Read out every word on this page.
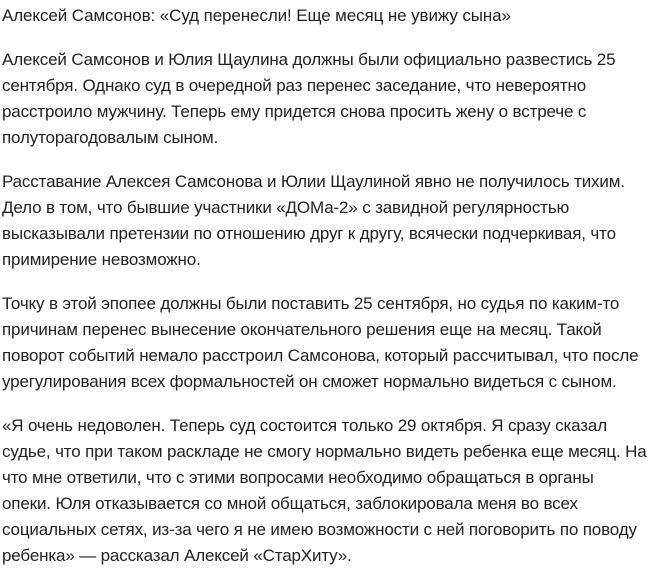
Алексей Самсонов: «Суд перенесли! Еще месяц не увижу сына»

Алексей Самсонов и Юлия Щаулина должны были официально развестись 25
сентября. Однако суд в очередной раз перенес заседание, что невероятно
расстроило мужчину. Теперь ему придется снова просить жену о встрече с
полуторагодовалым сыном.

Расставание Алексея Самсонова и Юлии Щаулиной явно не получилось тихим.
Дело в том, что бывшие участники «ДОМа-2» с завидной регулярностью
высказывали претензии по отношению друг к другу, всячески подчеркивая, что
примирение невозможно.

Точку в этой эпопее должны были поставить 25 сентября, но судья по каким-то
причинам перенес вынесение окончательного решения еще на месяц. Такой
поворот событий немало расстроил Самсонова, который рассчитывал, что после
урегулирования всех формальностей он сможет нормально видеться с сыном.

«Я очень недоволен. Теперь суд состоится только 29 октября. Я сразу сказал
судье, что при таком раскладе не смогу нормально видеть ребенка еще месяц. На
что мне ответили, что с этими вопросами необходимо обращаться в органы
опеки. Юля отказывается со мной общаться, заблокировала меня во всех
социальных сетях, из-за чего я не имею возможности с ней поговорить по поводу
ребенка» — рассказал Алексей «СтарХиту».
